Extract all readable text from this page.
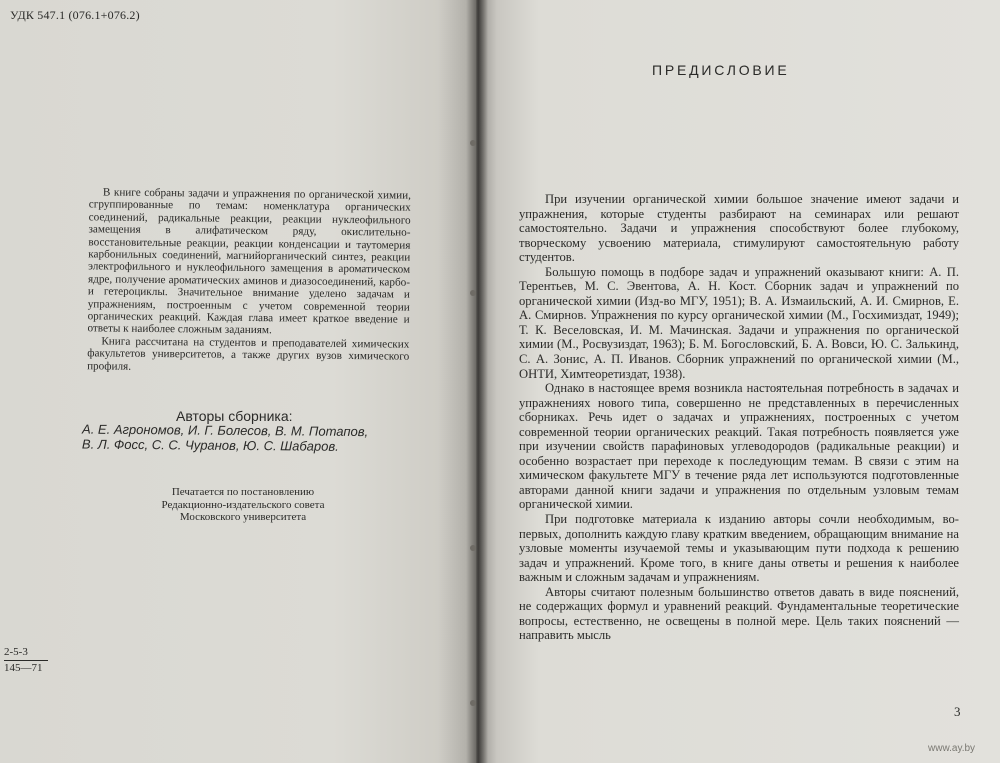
УДК 547.1 (076.1+076.2)

В книге собраны задачи и упражнения по органической химии, сгруппированные по темам: номенклатура органических соединений, радикальные реакции, реакции нуклеофильного замещения в алифатическом ряду, окислительно-восстановительные реакции, реакции конденсации и таутомерия карбонильных соединений, магнийорганический синтез, реакции электрофильного и нуклеофильного замещения в ароматическом ядре, получение ароматических аминов и диазосоединений, карбо- и гетероциклы. Значительное внимание уделено задачам и упражнениям, построенным с учетом современной теории органических реакций. Каждая глава имеет краткое введение и ответы к наиболее сложным заданиям.

Книга рассчитана на студентов и преподавателей химических факультетов университетов, а также других вузов химического профиля.

Авторы сборника:
А. Е. Агрономов, И. Г. Болесов, В. М. Потапов,
В. Л. Фосс, С. С. Чуранов, Ю. С. Шабаров.
Печатается по постановлению
Редакционно-издательского совета
Московского университета
2-5-3
145—71
ПРЕДИСЛОВИЕ

При изучении органической химии большое значение имеют задачи и упражнения, которые студенты разбирают на семинарах или решают самостоятельно. Задачи и упражнения способствуют более глубокому, творческому усвоению материала, стимулируют самостоятельную работу студентов.

Большую помощь в подборе задач и упражнений оказывают книги: А. П. Терентьев, М. С. Эвентова, А. Н. Кост. Сборник задач и упражнений по органической химии (Изд-во МГУ, 1951); В. А. Измаильский, А. И. Смирнов, Е. А. Смирнов. Упражнения по курсу органической химии (М., Госхимиздат, 1949); Т. К. Веселовская, И. М. Мачинская. Задачи и упражнения по органической химии (М., Росвузиздат, 1963); Б. М. Богословский, Б. А. Вовси, Ю. С. Залькинд, С. А. Зонис, А. П. Иванов. Сборник упражнений по органической химии (М., ОНТИ, Химтеоретиздат, 1938).

Однако в настоящее время возникла настоятельная потребность в задачах и упражнениях нового типа, совершенно не представленных в перечисленных сборниках. Речь идет о задачах и упражнениях, построенных с учетом современной теории органических реакций. Такая потребность появляется уже при изучении свойств парафиновых углеводородов (радикальные реакции) и особенно возрастает при переходе к последующим темам. В связи с этим на химическом факультете МГУ в течение ряда лет используются подготовленные авторами данной книги задачи и упражнения по отдельным узловым темам органической химии.

При подготовке материала к изданию авторы сочли необходимым, во-первых, дополнить каждую главу кратким введением, обращающим внимание на узловые моменты изучаемой темы и указывающим пути подхода к решению задач и упражнений. Кроме того, в книге даны ответы и решения к наиболее важным и сложным задачам и упражнениям.

Авторы считают полезным большинство ответов давать в виде пояснений, не содержащих формул и уравнений реакций. Фундаментальные теоретические вопросы, естественно, не освещены в полной мере. Цель таких пояснений — направить мысль

3
www.ay.by
